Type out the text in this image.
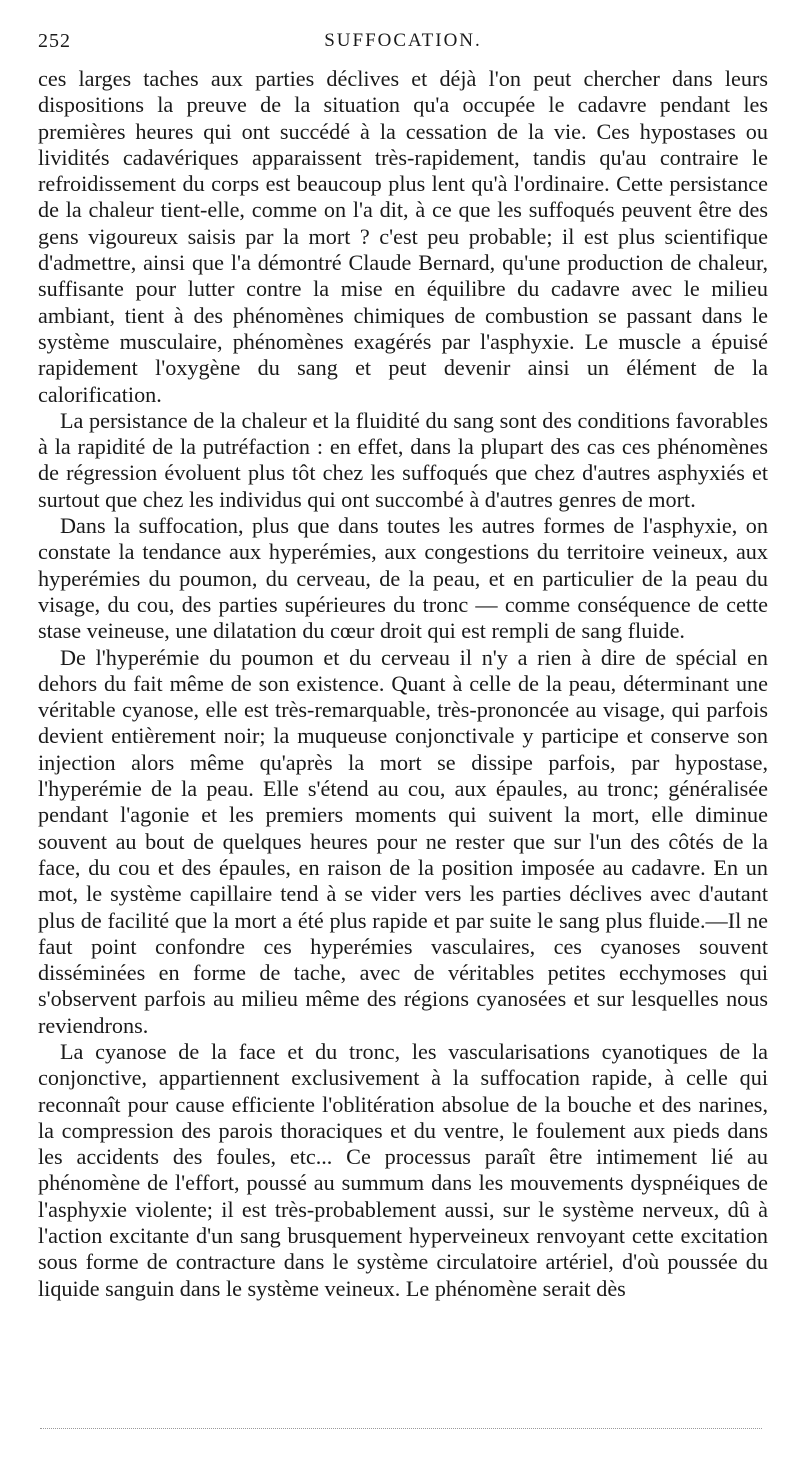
252	SUFFOCATION.

ces larges taches aux parties déclives et déjà l'on peut chercher dans leurs dispositions la preuve de la situation qu'a occupée le cadavre pendant les premières heures qui ont succédé à la cessation de la vie. Ces hypostases ou lividités cadavériques apparaissent très-rapidement, tandis qu'au contraire le refroidissement du corps est beaucoup plus lent qu'à l'ordinaire. Cette persistance de la chaleur tient-elle, comme on l'a dit, à ce que les suffoqués peuvent être des gens vigoureux saisis par la mort ? c'est peu probable; il est plus scientifique d'admettre, ainsi que l'a démontré Claude Bernard, qu'une production de chaleur, suffisante pour lutter contre la mise en équilibre du cadavre avec le milieu ambiant, tient à des phénomènes chimiques de combustion se passant dans le système musculaire, phénomènes exagérés par l'asphyxie. Le muscle a épuisé rapidement l'oxygène du sang et peut devenir ainsi un élément de la calorification.

La persistance de la chaleur et la fluidité du sang sont des conditions favorables à la rapidité de la putréfaction : en effet, dans la plupart des cas ces phénomènes de régression évoluent plus tôt chez les suffoqués que chez d'autres asphyxiés et surtout que chez les individus qui ont succombé à d'autres genres de mort.

Dans la suffocation, plus que dans toutes les autres formes de l'asphyxie, on constate la tendance aux hyperémies, aux congestions du territoire veineux, aux hyperémies du poumon, du cerveau, de la peau, et en particulier de la peau du visage, du cou, des parties supérieures du tronc — comme conséquence de cette stase veineuse, une dilatation du cœur droit qui est rempli de sang fluide.

De l'hyperémie du poumon et du cerveau il n'y a rien à dire de spécial en dehors du fait même de son existence. Quant à celle de la peau, déterminant une véritable cyanose, elle est très-remarquable, très-prononcée au visage, qui parfois devient entièrement noir; la muqueuse conjonctivale y participe et conserve son injection alors même qu'après la mort se dissipe parfois, par hypostase, l'hyperémie de la peau. Elle s'étend au cou, aux épaules, au tronc; généralisée pendant l'agonie et les premiers moments qui suivent la mort, elle diminue souvent au bout de quelques heures pour ne rester que sur l'un des côtés de la face, du cou et des épaules, en raison de la position imposée au cadavre. En un mot, le système capillaire tend à se vider vers les parties déclives avec d'autant plus de facilité que la mort a été plus rapide et par suite le sang plus fluide.—Il ne faut point confondre ces hyperémies vasculaires, ces cyanoses souvent disséminées en forme de tache, avec de véritables petites ecchymoses qui s'observent parfois au milieu même des régions cyanosées et sur lesquelles nous reviendrons.

La cyanose de la face et du tronc, les vascularisations cyanotiques de la conjonctive, appartiennent exclusivement à la suffocation rapide, à celle qui reconnaît pour cause efficiente l'oblitération absolue de la bouche et des narines, la compression des parois thoraciques et du ventre, le foulement aux pieds dans les accidents des foules, etc... Ce processus paraît être intimement lié au phénomène de l'effort, poussé au summum dans les mouvements dyspnéiques de l'asphyxie violente; il est très-probablement aussi, sur le système nerveux, dû à l'action excitante d'un sang brusquement hyperveineux renvoyant cette excitation sous forme de contracture dans le système circulatoire artériel, d'où poussée du liquide sanguin dans le système veineux. Le phénomène serait dès
